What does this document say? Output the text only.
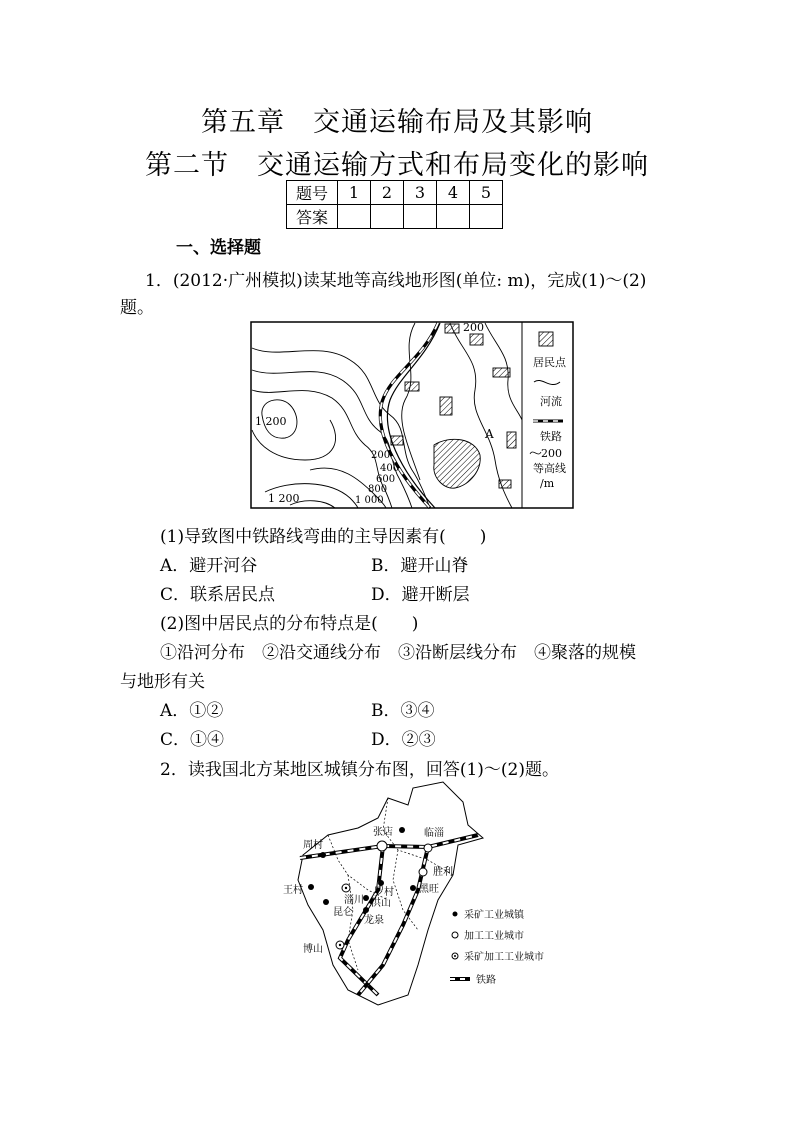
第五章　交通运输布局及其影响
第二节　交通运输方式和布局变化的影响
题号	1	2	3	4	5
答案					
一、选择题
1．(2012·广州模拟)读某地等高线地形图(单位: m)，完成(1)～(2)
题。
200
1 200
1 200
200
400
600
800
1 000
A
居民点
河流
铁路
200
等高线
/m
(1)导致图中铁路线弯曲的主导因素有(　　)
A．避开河谷	B．避开山脊
C．联系居民点	D．避开断层
(2)图中居民点的分布特点是(　　)
①沿河分布　②沿交通线分布　③沿断层线分布　④聚落的规模
与地形有关
A．①②	B．③④
C．①④	D．②③
2．读我国北方某地区城镇分布图，回答(1)～(2)题。
周村
张店	临淄
胜利
王村
淄川
罗村
昆仑
洪山
黑旺
龙泉
博山
采矿工业城镇
加工工业城市
采矿加工工业城市
铁路
